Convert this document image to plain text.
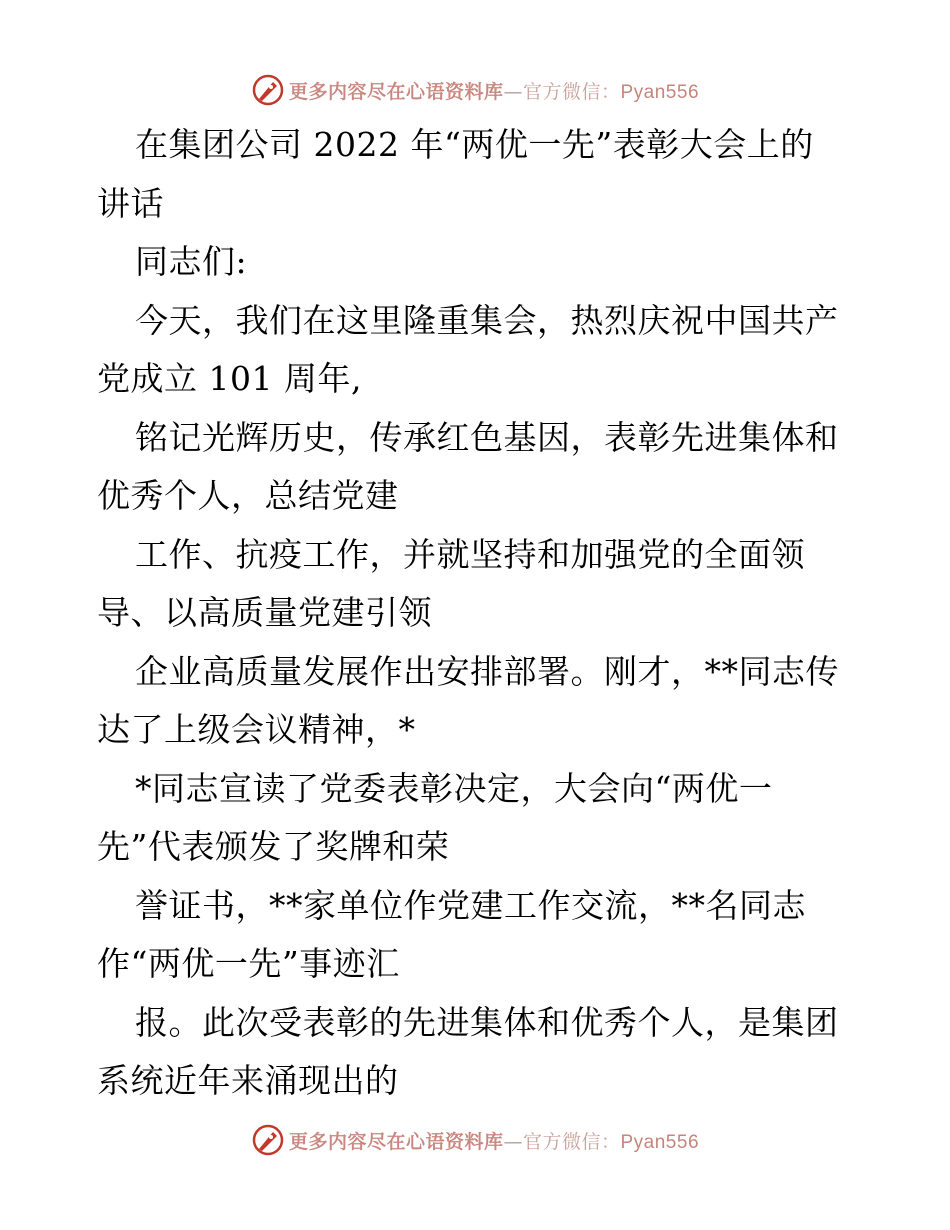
更多内容尽在心语资料库—官方微信：Pyan556
在集团公司 2022 年“两优一先”表彰大会上的
讲话
同志们:
今天，我们在这里隆重集会，热烈庆祝中国共产
党成立 101 周年,
铭记光辉历史，传承红色基因，表彰先进集体和
优秀个人，总结党建
工作、抗疫工作，并就坚持和加强党的全面领
导、以高质量党建引领
企业高质量发展作出安排部署。刚才，**同志传
达了上级会议精神，*
*同志宣读了党委表彰决定，大会向“两优一
先”代表颁发了奖牌和荣
誉证书，**家单位作党建工作交流，**名同志
作“两优一先”事迹汇
报。此次受表彰的先进集体和优秀个人，是集团
系统近年来涌现出的
更多内容尽在心语资料库—官方微信：Pyan556
